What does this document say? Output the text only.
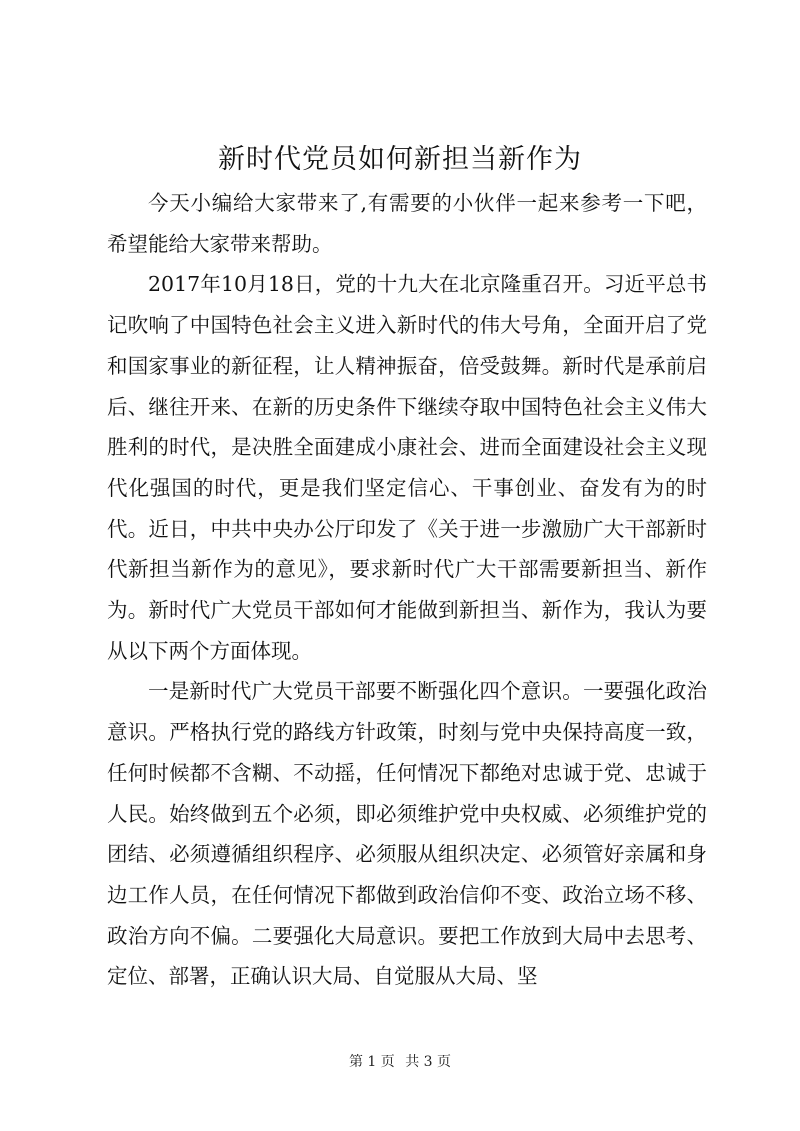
新时代党员如何新担当新作为

今天小编给大家带来了,有需要的小伙伴一起来参考一下吧，希望能给大家带来帮助。

2017年10月18日，党的十九大在北京隆重召开。习近平总书记吹响了中国特色社会主义进入新时代的伟大号角，全面开启了党和国家事业的新征程，让人精神振奋，倍受鼓舞。新时代是承前启后、继往开来、在新的历史条件下继续夺取中国特色社会主义伟大胜利的时代，是决胜全面建成小康社会、进而全面建设社会主义现代化强国的时代，更是我们坚定信心、干事创业、奋发有为的时代。近日，中共中央办公厅印发了《关于进一步激励广大干部新时代新担当新作为的意见》，要求新时代广大干部需要新担当、新作为。新时代广大党员干部如何才能做到新担当、新作为，我认为要从以下两个方面体现。

一是新时代广大党员干部要不断强化四个意识。一要强化政治意识。严格执行党的路线方针政策，时刻与党中央保持高度一致，任何时候都不含糊、不动摇，任何情况下都绝对忠诚于党、忠诚于人民。始终做到五个必须，即必须维护党中央权威、必须维护党的团结、必须遵循组织程序、必须服从组织决定、必须管好亲属和身边工作人员，在任何情况下都做到政治信仰不变、政治立场不移、政治方向不偏。二要强化大局意识。要把工作放到大局中去思考、定位、部署，正确认识大局、自觉服从大局、坚

第 1 页 共 3 页
